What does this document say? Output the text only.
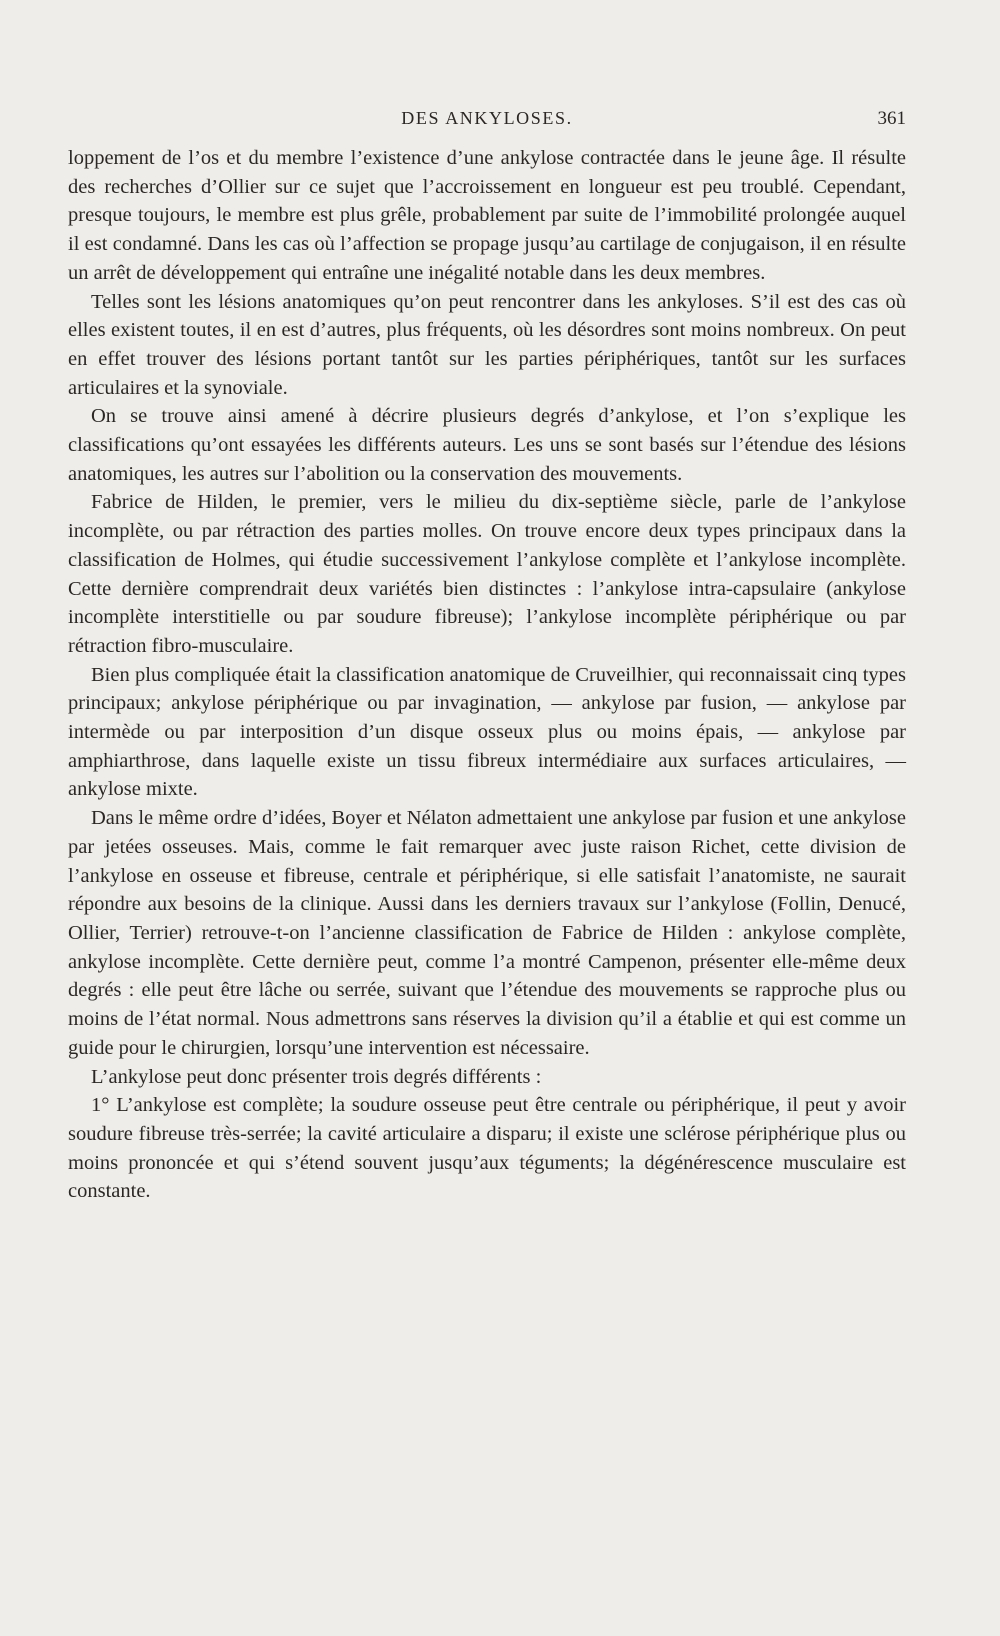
DES ANKYLOSES.	361

loppement de l’os et du membre l’existence d’une ankylose contractée dans le jeune âge. Il résulte des recherches d’Ollier sur ce sujet que l’accroissement en longueur est peu troublé. Cependant, presque toujours, le membre est plus grêle, probablement par suite de l’immobilité prolongée auquel il est condamné. Dans les cas où l’affection se propage jusqu’au cartilage de conjugaison, il en résulte un arrêt de développement qui entraîne une inégalité notable dans les deux membres.

Telles sont les lésions anatomiques qu’on peut rencontrer dans les ankyloses. S’il est des cas où elles existent toutes, il en est d’autres, plus fréquents, où les désordres sont moins nombreux. On peut en effet trouver des lésions portant tantôt sur les parties périphériques, tantôt sur les surfaces articulaires et la synoviale.

On se trouve ainsi amené à décrire plusieurs degrés d’ankylose, et l’on s’explique les classifications qu’ont essayées les différents auteurs. Les uns se sont basés sur l’étendue des lésions anatomiques, les autres sur l’abolition ou la conservation des mouvements.

Fabrice de Hilden, le premier, vers le milieu du dix-septième siècle, parle de l’ankylose incomplète, ou par rétraction des parties molles. On trouve encore deux types principaux dans la classification de Holmes, qui étudie successivement l’ankylose complète et l’ankylose incomplète. Cette dernière comprendrait deux variétés bien distinctes : l’ankylose intra-capsulaire (ankylose incomplète interstitielle ou par soudure fibreuse); l’ankylose incomplète périphérique ou par rétraction fibro-musculaire.

Bien plus compliquée était la classification anatomique de Cruveilhier, qui reconnaissait cinq types principaux; ankylose périphérique ou par invagination, — ankylose par fusion, — ankylose par intermède ou par interposition d’un disque osseux plus ou moins épais, — ankylose par amphiarthrose, dans laquelle existe un tissu fibreux intermédiaire aux surfaces articulaires, — ankylose mixte.

Dans le même ordre d’idées, Boyer et Nélaton admettaient une ankylose par fusion et une ankylose par jetées osseuses. Mais, comme le fait remarquer avec juste raison Richet, cette division de l’ankylose en osseuse et fibreuse, centrale et périphérique, si elle satisfait l’anatomiste, ne saurait répondre aux besoins de la clinique. Aussi dans les derniers travaux sur l’ankylose (Follin, Denucé, Ollier, Terrier) retrouve-t-on l’ancienne classification de Fabrice de Hilden : ankylose complète, ankylose incomplète. Cette dernière peut, comme l’a montré Campenon, présenter elle-même deux degrés : elle peut être lâche ou serrée, suivant que l’étendue des mouvements se rapproche plus ou moins de l’état normal. Nous admettrons sans réserves la division qu’il a établie et qui est comme un guide pour le chirurgien, lorsqu’une intervention est nécessaire.

L’ankylose peut donc présenter trois degrés différents :

1° L’ankylose est complète; la soudure osseuse peut être centrale ou périphérique, il peut y avoir soudure fibreuse très-serrée; la cavité articulaire a disparu; il existe une sclérose périphérique plus ou moins prononcée et qui s’étend souvent jusqu’aux téguments; la dégénérescence musculaire est constante.
